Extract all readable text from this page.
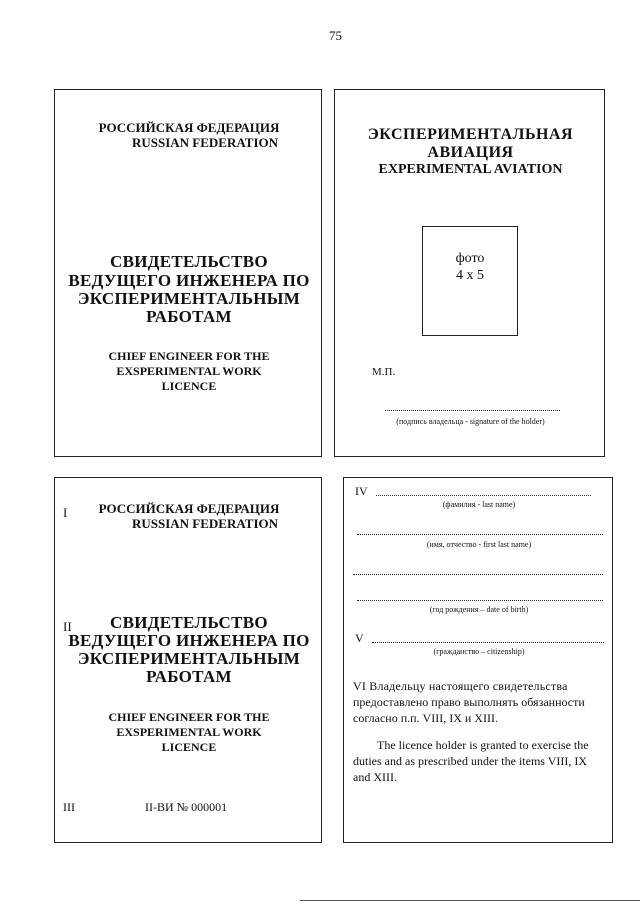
75
РОССИЙСКАЯ ФЕДЕРАЦИЯ
RUSSIAN FEDERATION
СВИДЕТЕЛЬСТВО
ВЕДУЩЕГО ИНЖЕНЕРА ПО
ЭКСПЕРИМЕНТАЛЬНЫМ
РАБОТАМ
CHIEF ENGINEER FOR THE
EXSPERIMENTAL WORK
LICENCE
ЭКСПЕРИМЕНТАЛЬНАЯ
АВИАЦИЯ
EXPERIMENTAL AVIATION
фото
4 x 5
М.П.
(подпись владельца - signature of the holder)
I	РОССИЙСКАЯ ФЕДЕРАЦИЯ
RUSSIAN FEDERATION
II	СВИДЕТЕЛЬСТВО
ВЕДУЩЕГО ИНЖЕНЕРА ПО
ЭКСПЕРИМЕНТАЛЬНЫМ
РАБОТАМ
CHIEF ENGINEER FOR THE
EXSPERIMENTAL WORK
LICENCE
III	II-ВИ № 000001
IV
(фамилия - last name)
(имя, отчество - first last name)
(год рождения – date of birth)
V
(гражданство – citizenship)
VI Владельцу настоящего свидетельства
предоставлено право выполнять обязанности
согласно п.п. VIII, IX и XIII.
The licence holder is granted to exercise the
duties and as prescribed under the items VIII, IX
and XIII.
